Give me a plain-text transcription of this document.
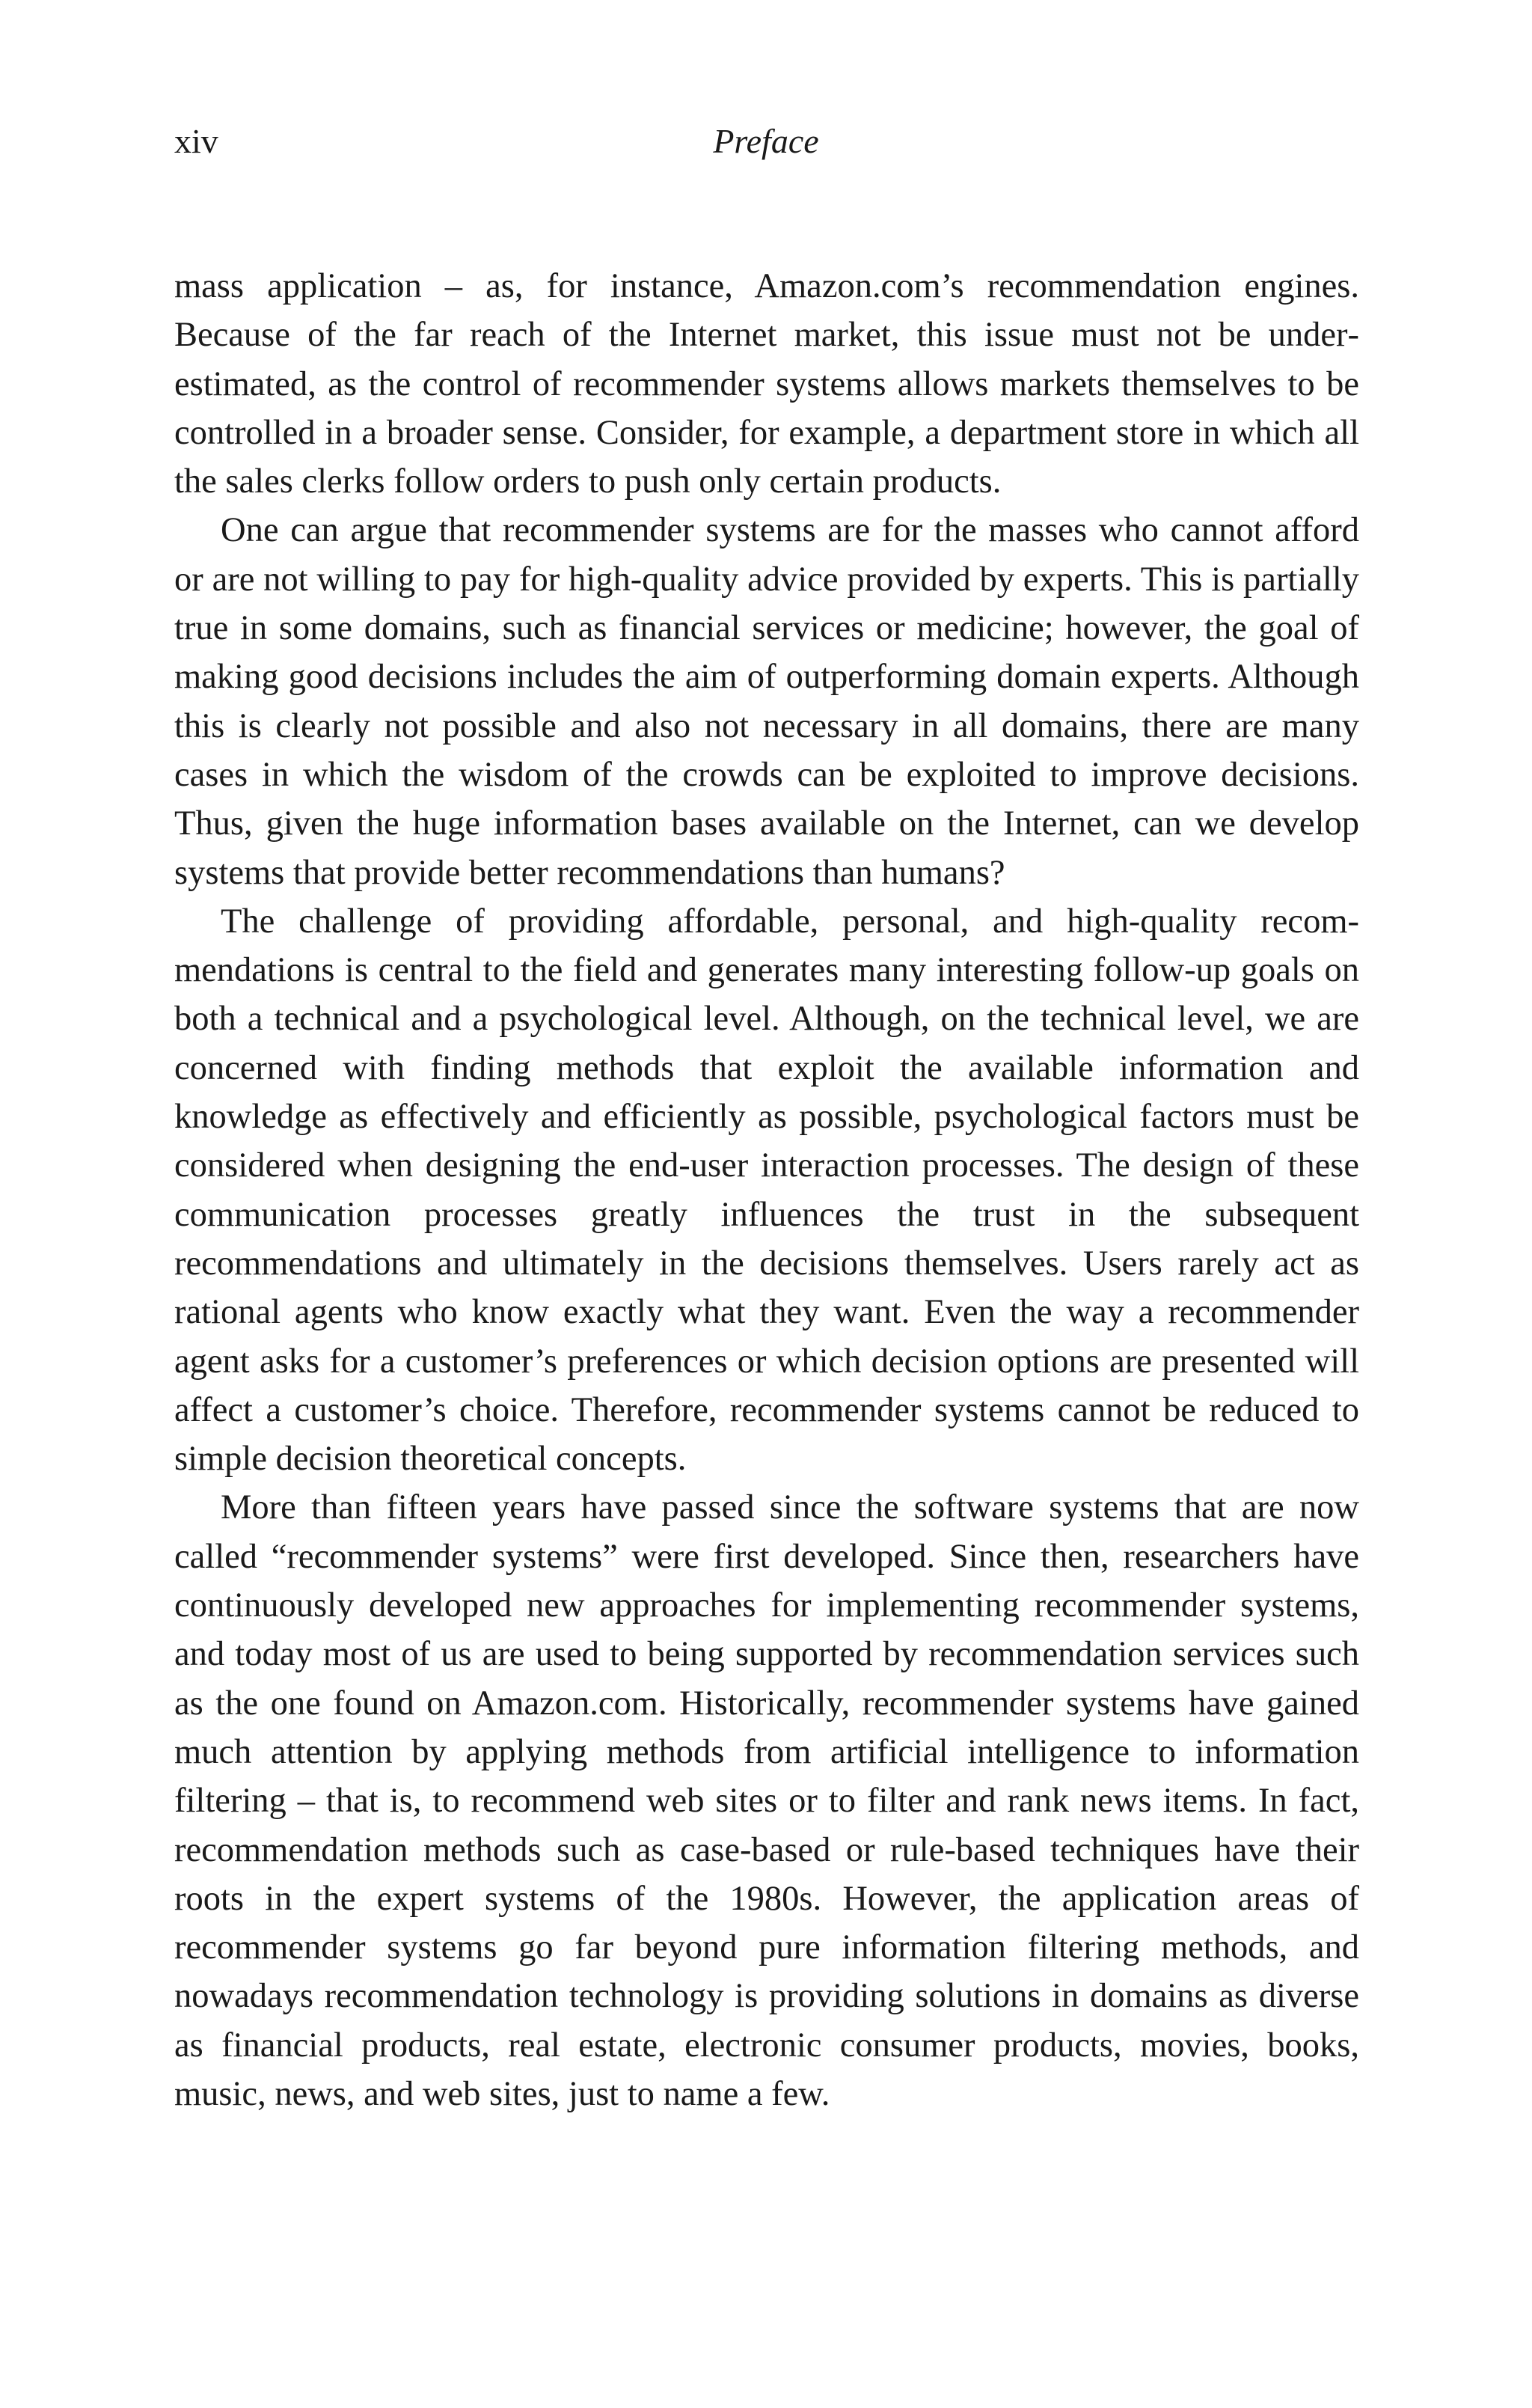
xiv	Preface

mass application – as, for instance, Amazon.com’s recommendation engines. Because of the far reach of the Internet market, this issue must not be underestimated, as the control of recommender systems allows markets themselves to be controlled in a broader sense. Consider, for example, a department store in which all the sales clerks follow orders to push only certain products.

One can argue that recommender systems are for the masses who cannot afford or are not willing to pay for high-quality advice provided by experts. This is partially true in some domains, such as financial services or medicine; however, the goal of making good decisions includes the aim of outperforming domain experts. Although this is clearly not possible and also not necessary in all domains, there are many cases in which the wisdom of the crowds can be exploited to improve decisions. Thus, given the huge information bases available on the Internet, can we develop systems that provide better recommendations than humans?

The challenge of providing affordable, personal, and high-quality recommendations is central to the field and generates many interesting follow-up goals on both a technical and a psychological level. Although, on the technical level, we are concerned with finding methods that exploit the available information and knowledge as effectively and efficiently as possible, psychological factors must be considered when designing the end-user interaction processes. The design of these communication processes greatly influences the trust in the subsequent recommendations and ultimately in the decisions themselves. Users rarely act as rational agents who know exactly what they want. Even the way a recommender agent asks for a customer’s preferences or which decision options are presented will affect a customer’s choice. Therefore, recommender systems cannot be reduced to simple decision theoretical concepts.

More than fifteen years have passed since the software systems that are now called “recommender systems” were first developed. Since then, researchers have continuously developed new approaches for implementing recommender systems, and today most of us are used to being supported by recommendation services such as the one found on Amazon.com. Historically, recommender systems have gained much attention by applying methods from artificial intelligence to information filtering – that is, to recommend web sites or to filter and rank news items. In fact, recommendation methods such as case-based or rule-based techniques have their roots in the expert systems of the 1980s. However, the application areas of recommender systems go far beyond pure information filtering methods, and nowadays recommendation technology is providing solutions in domains as diverse as financial products, real estate, electronic consumer products, movies, books, music, news, and web sites, just to name a few.
